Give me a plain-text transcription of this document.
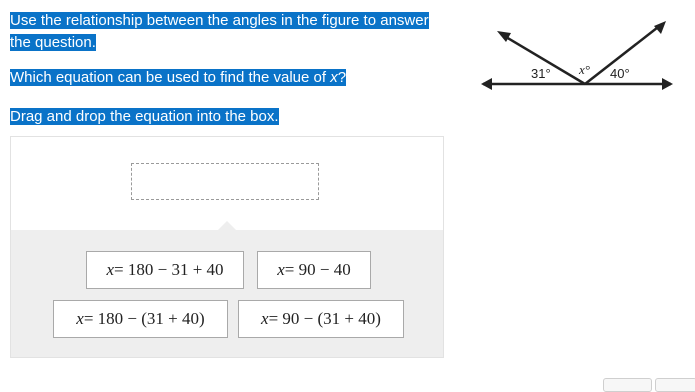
Use the relationship between the angles in the figure to answer
the question.
Which equation can be used to find the value of x?
Drag and drop the equation into the box.
31° x° 40°
x = 180 − 31 + 40	x = 90 − 40
x = 180 − (31 + 40)	x = 90 − (31 + 40)
